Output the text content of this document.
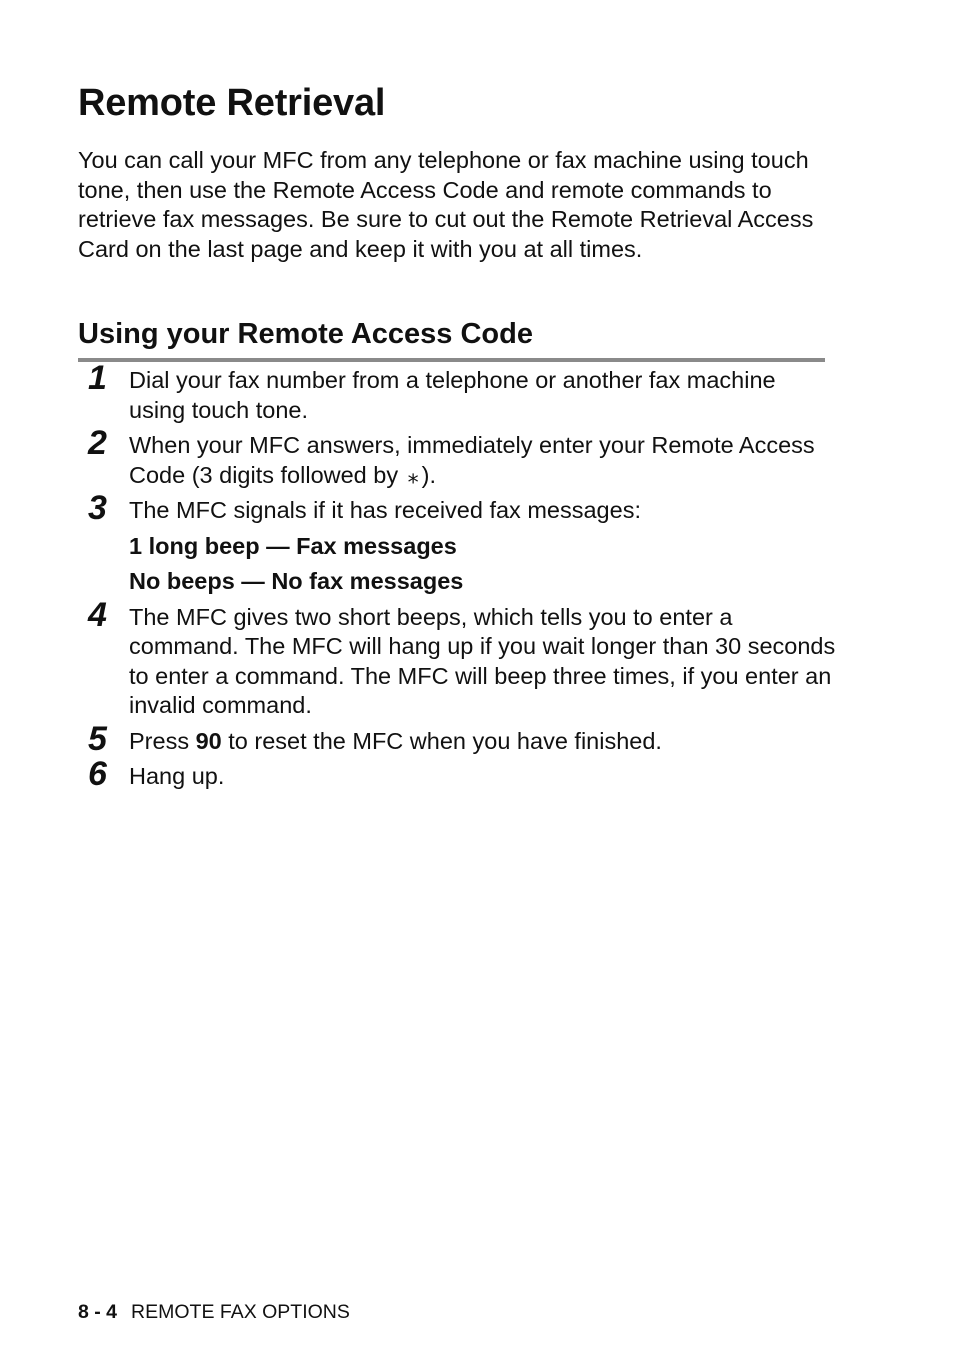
Remote Retrieval

You can call your MFC from any telephone or fax machine using touch tone, then use the Remote Access Code and remote commands to retrieve fax messages. Be sure to cut out the Remote Retrieval Access Card on the last page and keep it with you at all times.

Using your Remote Access Code
1 Dial your fax number from a telephone or another fax machine using touch tone.
2 When your MFC answers, immediately enter your Remote Access Code (3 digits followed by ⁎ ).
3 The MFC signals if it has received fax messages:
1 long beep — Fax messages
No beeps — No fax messages
4 The MFC gives two short beeps, which tells you to enter a command. The MFC will hang up if you wait longer than 30 seconds to enter a command. The MFC will beep three times, if you enter an invalid command.
5 Press 90 to reset the MFC when you have finished.
6 Hang up.
8 - 4 REMOTE FAX OPTIONS
